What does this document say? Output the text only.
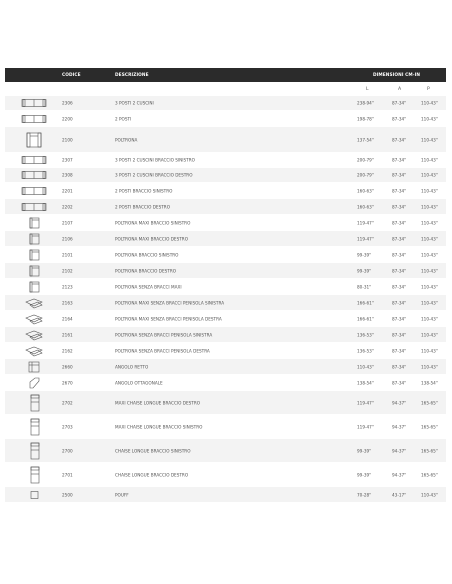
CODICE	DESCRIZIONE	DIMENSIONI CM-IN
L	A	P
2306	3 POSTI 2 CUSCINI	238-94"	87-34"	110-43"
2200	2 POSTI	198-78"	87-34"	110-43"
2100	POLTRONA	137-54"	87-34"	110-43"
2307	3 POSTI 2 CUSCINI BRACCIO SINISTRO	200-79"	87-34"	110-43"
2308	3 POSTI 2 CUSCINI BRACCIO DESTRO	200-79"	87-34"	110-43"
2201	2 POSTI BRACCIO SINISTRO	160-63"	87-34"	110-43"
2202	2 POSTI BRACCIO DESTRO	160-63"	87-34"	110-43"
2107	POLTRONA MAXI BRACCIO SINISTRO	119-47"	87-34"	110-43"
2106	POLTRONA MAXI BRACCIO DESTRO	119-47"	87-34"	110-43"
2101	POLTRONA BRACCIO SINISTRO	99-39"	87-34"	110-43"
2102	POLTRONA BRACCIO DESTRO	99-39"	87-34"	110-43"
2123	POLTRONA SENZA BRACCI MAXI	80-31"	87-34"	110-43"
2163	POLTRONA MAXI SENZA BRACCI PENISOLA SINISTRA	166-61"	87-34"	110-43"
2164	POLTRONA MAXI SENZA BRACCI PENISOLA DESTRA	166-61"	87-34"	110-43"
2161	POLTRONA SENZA BRACCI PENISOLA SINISTRA	136-53"	87-34"	110-43"
2162	POLTRONA SENZA BRACCI PENISOLA DESTRA	136-53"	87-34"	110-43"
2660	ANGOLO RETTO	110-43"	87-34"	110-43"
2670	ANGOLO OTTAGONALE	138-54"	87-34"	138-54"
2702	MAXI CHAISE LONGUE BRACCIO DESTRO	119-47"	94-37"	165-65"
2703	MAXI CHAISE LONGUE BRACCIO SINISTRO	119-47"	94-37"	165-65"
2700	CHAISE LONGUE BRACCIO SINISTRO	99-39"	94-37"	165-65"
2701	CHAISE LONGUE BRACCIO DESTRO	99-39"	94-37"	165-65"
2500	POUFF	70-28"	43-17"	110-43"
